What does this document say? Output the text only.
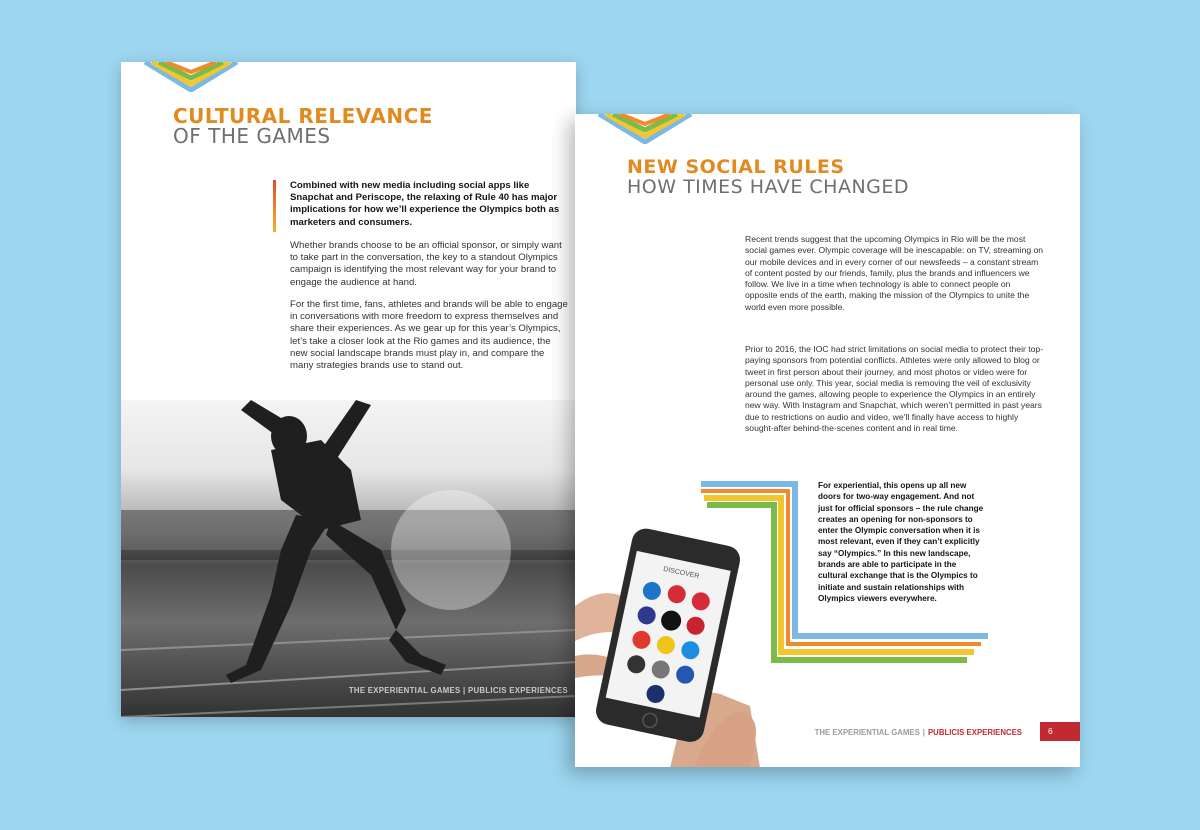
CULTURAL RELEVANCE
OF THE GAMES

Combined with new media including social apps like Snapchat and Periscope, the relaxing of Rule 40 has major implications for how we’ll experience the Olympics both as marketers and consumers.

Whether brands choose to be an official sponsor, or simply want to take part in the conversation, the key to a standout Olympics campaign is identifying the most relevant way for your brand to engage the audience at hand.

For the first time, fans, athletes and brands will be able to engage in conversations with more freedom to express themselves and share their experiences. As we gear up for this year’s Olympics, let’s take a closer look at the Rio games and its audience, the new social landscape brands must play in, and compare the many strategies brands use to stand out.

THE EXPERIENTIAL GAMES | PUBLICIS EXPERIENCES

NEW SOCIAL RULES
HOW TIMES HAVE CHANGED

Recent trends suggest that the upcoming Olympics in Rio will be the most social games ever. Olympic coverage will be inescapable: on TV, streaming on our mobile devices and in every corner of our newsfeeds – a constant stream of content posted by our friends, family, plus the brands and influencers we follow. We live in a time when technology is able to connect people on opposite ends of the earth, making the mission of the Olympics to unite the world even more possible.

Prior to 2016, the IOC had strict limitations on social media to protect their top-paying sponsors from potential conflicts. Athletes were only allowed to blog or tweet in first person about their journey, and most photos or video were for personal use only. This year, social media is removing the veil of exclusivity around the games, allowing people to experience the Olympics in an entirely new way. With Instagram and Snapchat, which weren’t permitted in past years due to restrictions on audio and video, we’ll finally have access to highly sought-after behind-the-scenes content and in real time.

For experiential, this opens up all new doors for two-way engagement. And not just for official sponsors – the rule change creates an opening for non-sponsors to enter the Olympic conversation when it is most relevant, even if they can’t explicitly say “Olympics.” In this new landscape, brands are able to participate in the cultural exchange that is the Olympics to initiate and sustain relationships with Olympics viewers everywhere.

DISCOVER

THE EXPERIENTIAL GAMES | PUBLICIS EXPERIENCES	6
